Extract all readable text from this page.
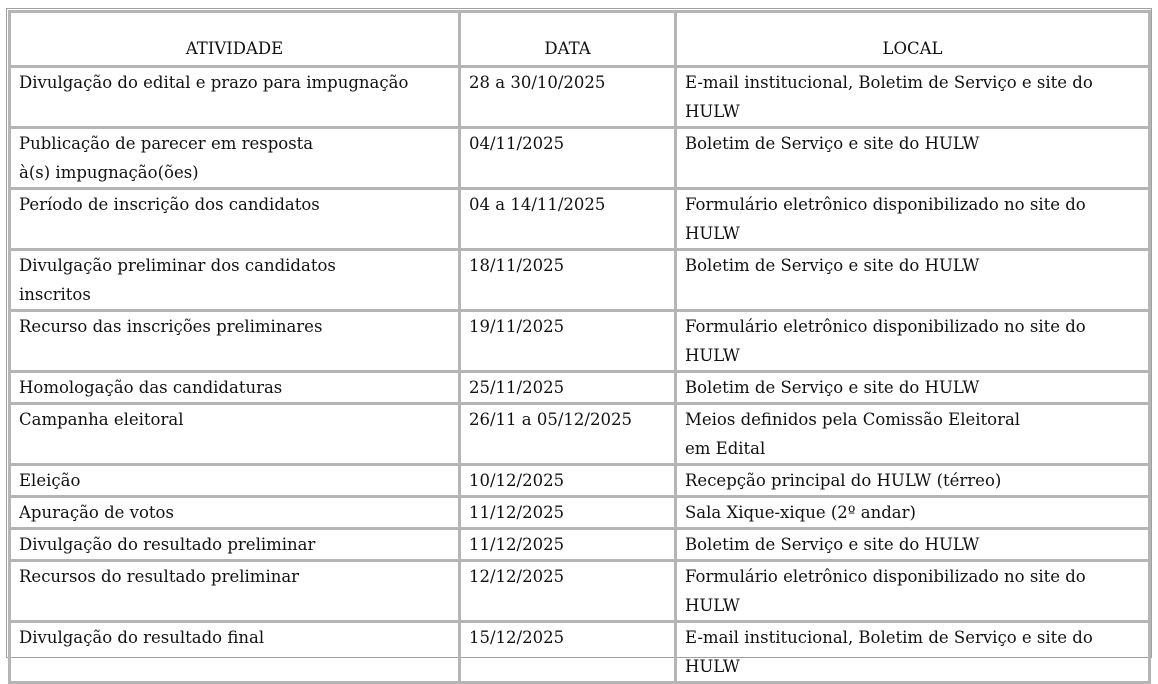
ATIVIDADE	DATA	LOCAL
Divulgação do edital e prazo para impugnação	28 a 30/10/2025	E-mail institucional, Boletim de Serviço e site do HULW
Publicação de parecer em resposta à(s) impugnação(ões)	04/11/2025	Boletim de Serviço e site do HULW
Período de inscrição dos candidatos	04 a 14/11/2025	Formulário eletrônico disponibilizado no site do HULW
Divulgação preliminar dos candidatos inscritos	18/11/2025	Boletim de Serviço e site do HULW
Recurso das inscrições preliminares	19/11/2025	Formulário eletrônico disponibilizado no site do HULW
Homologação das candidaturas	25/11/2025	Boletim de Serviço e site do HULW
Campanha eleitoral	26/11 a 05/12/2025	Meios definidos pela Comissão Eleitoral em Edital
Eleição	10/12/2025	Recepção principal do HULW (térreo)
Apuração de votos	11/12/2025	Sala Xique-xique (2º andar)
Divulgação do resultado preliminar	11/12/2025	Boletim de Serviço e site do HULW
Recursos do resultado preliminar	12/12/2025	Formulário eletrônico disponibilizado no site do HULW
Divulgação do resultado final	15/12/2025	E-mail institucional, Boletim de Serviço e site do HULW
